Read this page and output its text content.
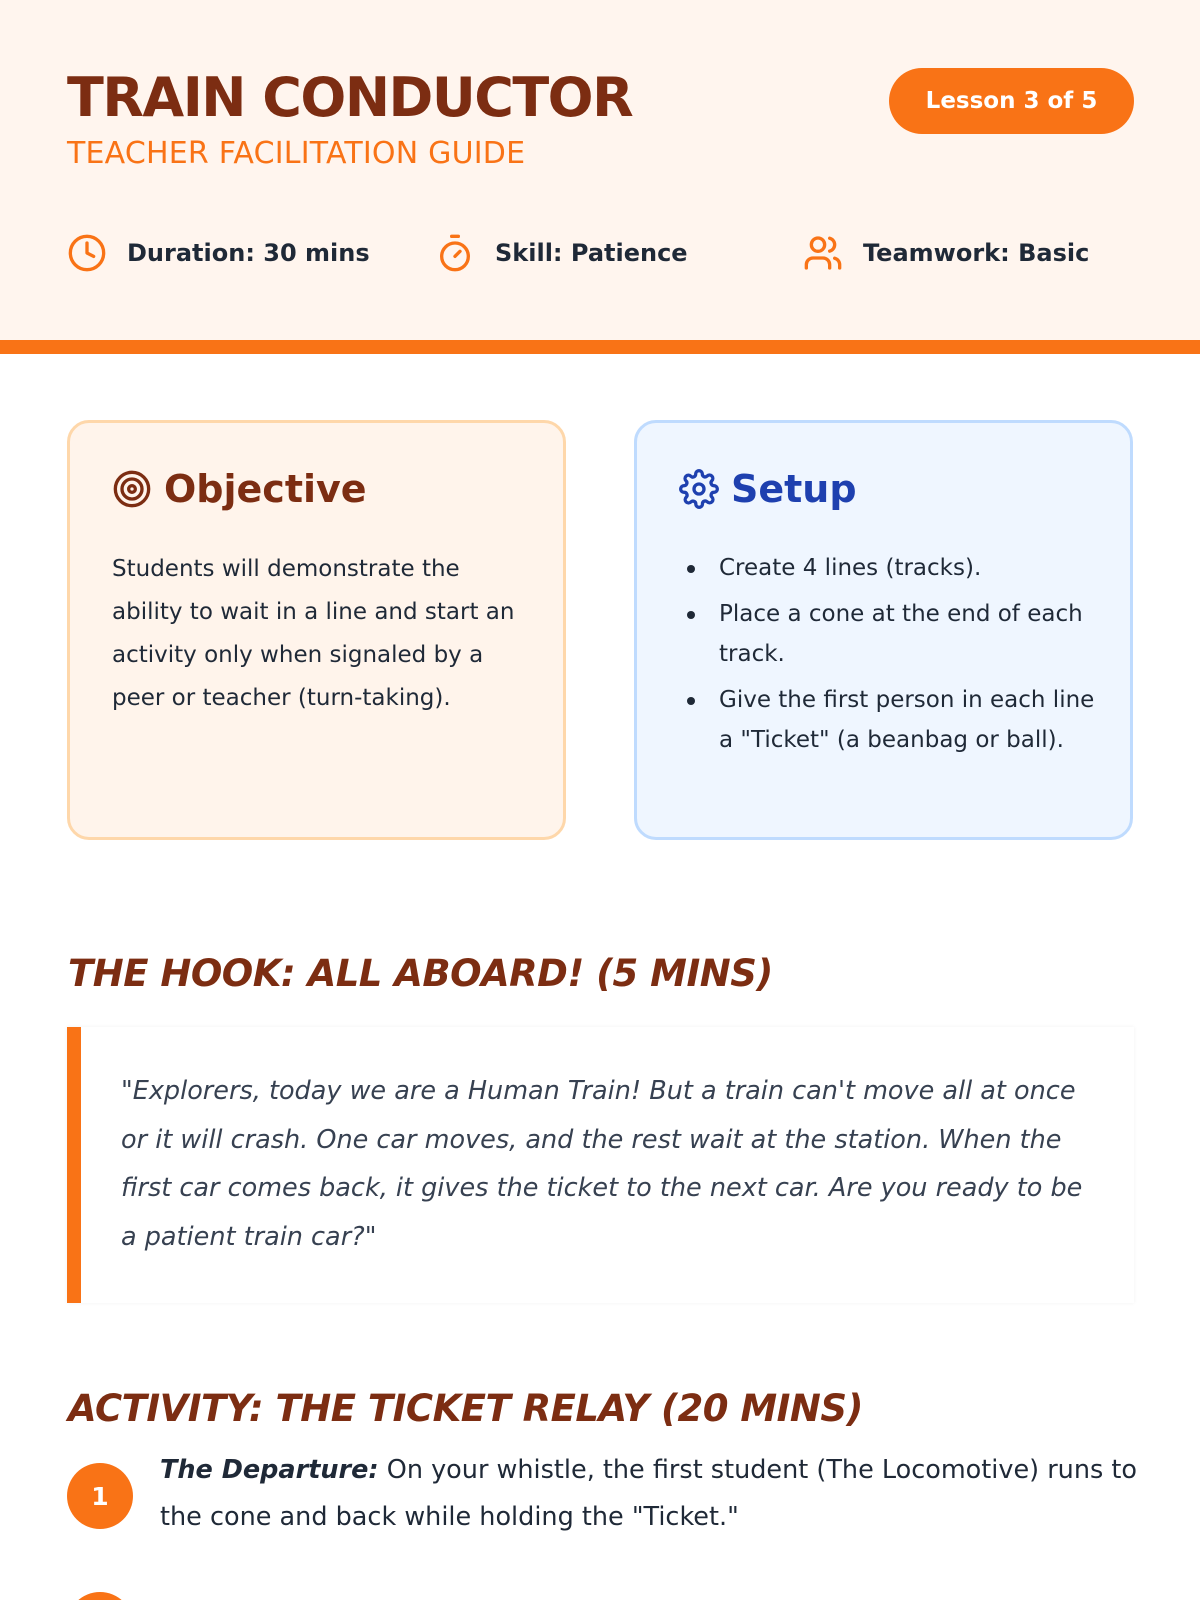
TRAIN CONDUCTOR
TEACHER FACILITATION GUIDE
Lesson 3 of 5
Duration: 30 mins	Skill: Patience	Teamwork: Basic
Objective

Students will demonstrate the ability to wait in a line and start an activity only when signaled by a peer or teacher (turn-taking).

Setup
Create 4 lines (tracks).
Place a cone at the end of each track.
Give the first person in each line a "Ticket" (a beanbag or ball).
THE HOOK: ALL ABOARD! (5 MINS)

"Explorers, today we are a Human Train! But a train can't move all at once or it will crash. One car moves, and the rest wait at the station. When the first car comes back, it gives the ticket to the next car. Are you ready to be a patient train car?"

ACTIVITY: THE TICKET RELAY (20 MINS)
1

The Departure: On your whistle, the first student (The Locomotive) runs to the cone and back while holding the "Ticket."
